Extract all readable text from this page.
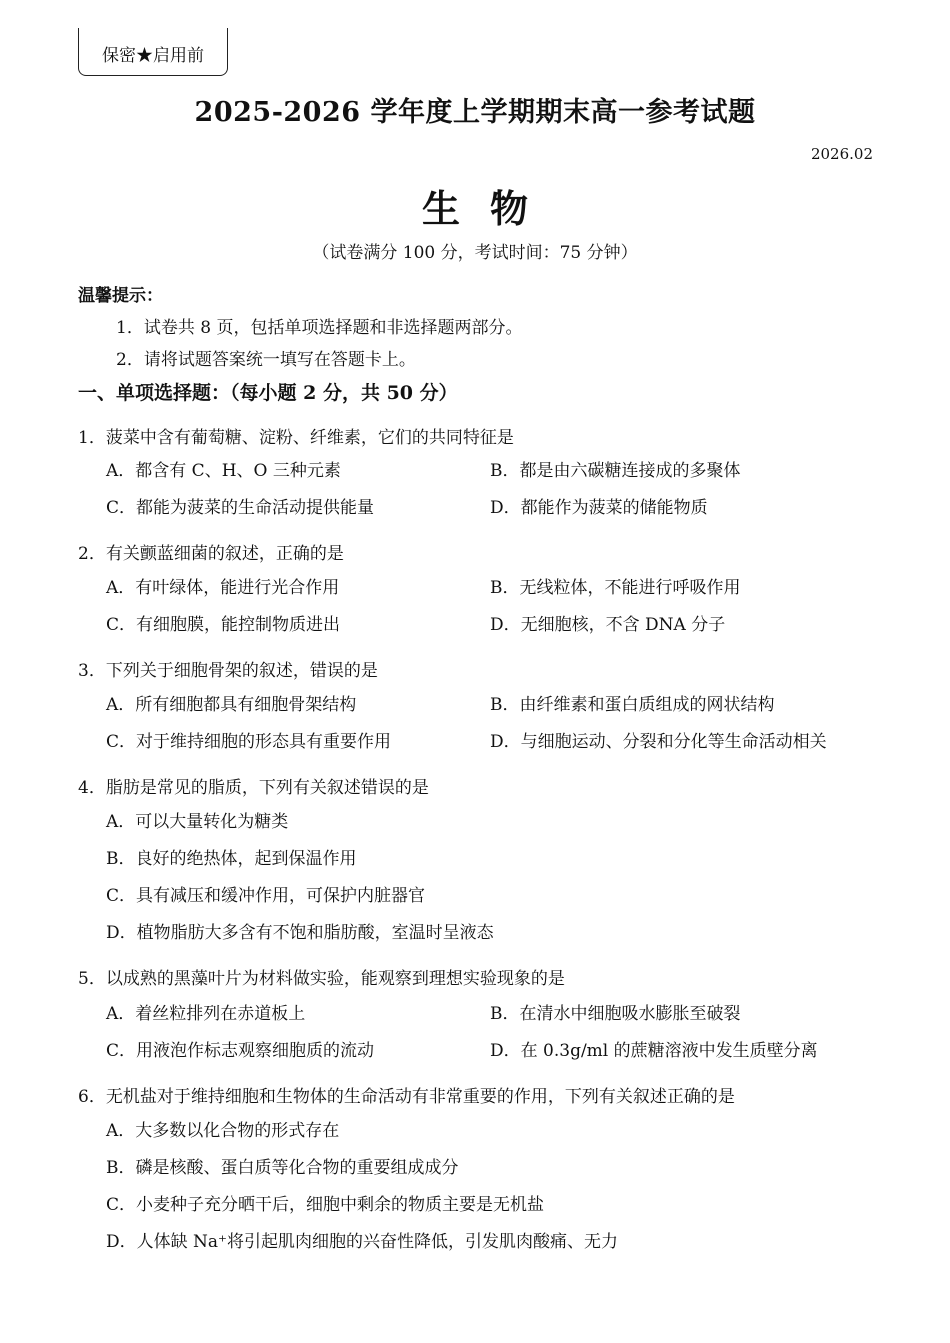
保密★启用前
2025-2026 学年度上学期期末高一参考试题
2026.02
生物
（试卷满分 100 分，考试时间：75 分钟）
温馨提示：
1．试卷共 8 页，包括单项选择题和非选择题两部分。
2．请将试题答案统一填写在答题卡上。
一、单项选择题：（每小题 2 分，共 50 分）
1．菠菜中含有葡萄糖、淀粉、纤维素，它们的共同特征是
A．都含有 C、H、O 三种元素	B．都是由六碳糖连接成的多聚体
C．都能为菠菜的生命活动提供能量	D．都能作为菠菜的储能物质
2．有关颤蓝细菌的叙述，正确的是
A．有叶绿体，能进行光合作用	B．无线粒体，不能进行呼吸作用
C．有细胞膜，能控制物质进出	D．无细胞核，不含 DNA 分子
3．下列关于细胞骨架的叙述，错误的是
A．所有细胞都具有细胞骨架结构	B．由纤维素和蛋白质组成的网状结构
C．对于维持细胞的形态具有重要作用	D．与细胞运动、分裂和分化等生命活动相关
4．脂肪是常见的脂质，下列有关叙述错误的是
A．可以大量转化为糖类
B．良好的绝热体，起到保温作用
C．具有减压和缓冲作用，可保护内脏器官
D．植物脂肪大多含有不饱和脂肪酸，室温时呈液态
5．以成熟的黑藻叶片为材料做实验，能观察到理想实验现象的是
A．着丝粒排列在赤道板上	B．在清水中细胞吸水膨胀至破裂
C．用液泡作标志观察细胞质的流动	D．在 0.3g/ml 的蔗糖溶液中发生质壁分离
6．无机盐对于维持细胞和生物体的生命活动有非常重要的作用，下列有关叙述正确的是
A．大多数以化合物的形式存在
B．磷是核酸、蛋白质等化合物的重要组成成分
C．小麦种子充分晒干后，细胞中剩余的物质主要是无机盐
D．人体缺 Na⁺将引起肌肉细胞的兴奋性降低，引发肌肉酸痛、无力
